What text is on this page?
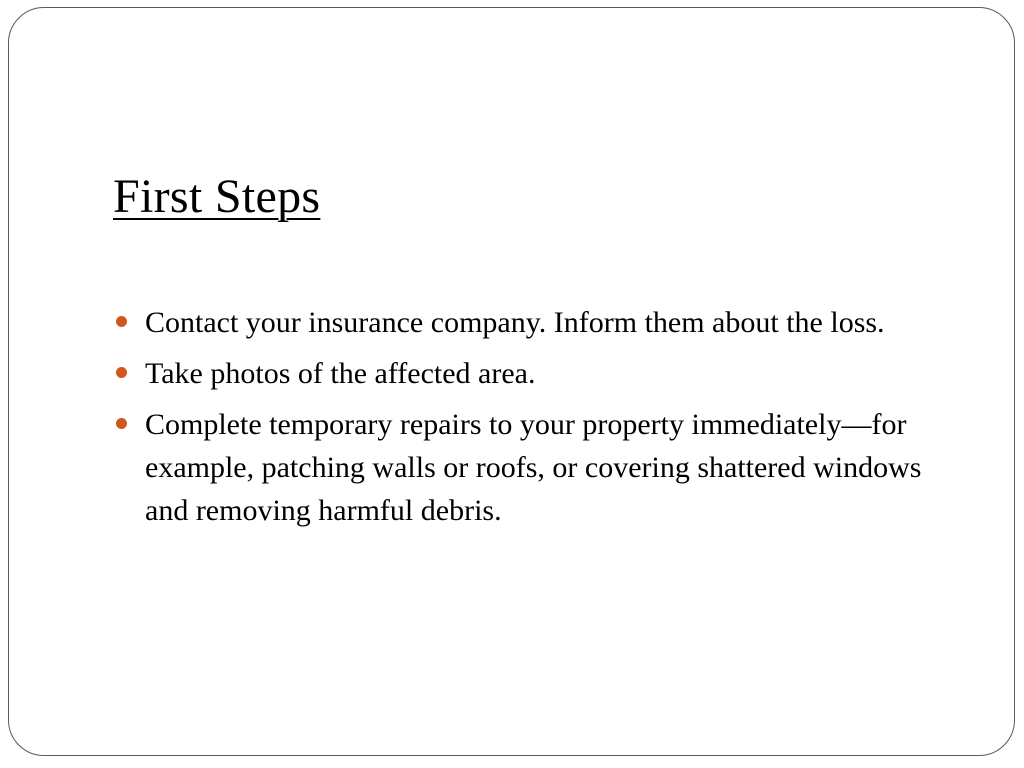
First Steps
Contact your insurance company. Inform them about the loss.
Take photos of the affected area.
Complete temporary repairs to your property immediately—for example, patching walls or roofs, or covering shattered windows and removing harmful debris.
